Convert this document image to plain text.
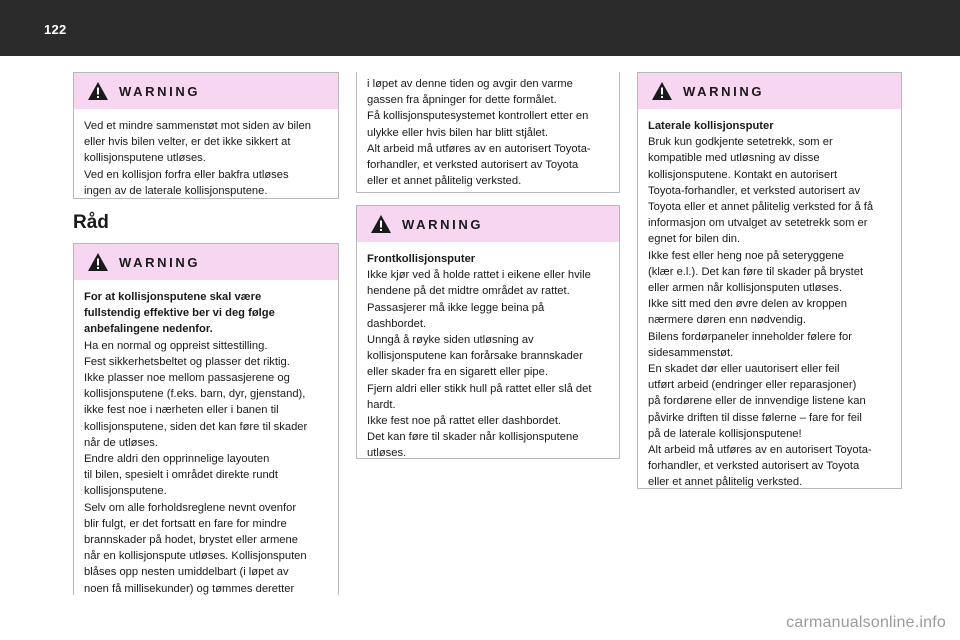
122
WARNING

Ved et mindre sammenstøt mot siden av bilen

eller hvis bilen velter, er det ikke sikkert at

kollisjonsputene utløses.

Ved en kollisjon forfra eller bakfra utløses

ingen av de laterale kollisjonsputene.

Råd
WARNING

For at kollisjonsputene skal være

fullstendig effektive ber vi deg følge

anbefalingene nedenfor.

Ha en normal og oppreist sittestilling.

Fest sikkerhetsbeltet og plasser det riktig.

Ikke plasser noe mellom passasjerene og

kollisjonsputene (f.eks. barn, dyr, gjenstand),

ikke fest noe i nærheten eller i banen til

kollisjonsputene, siden det kan føre til skader

når de utløses.

Endre aldri den opprinnelige layouten

til bilen, spesielt i området direkte rundt

kollisjonsputene.

Selv om alle forholdsreglene nevnt ovenfor

blir fulgt, er det fortsatt en fare for mindre

brannskader på hodet, brystet eller armene

når en kollisjonspute utløses. Kollisjonsputen

blåses opp nesten umiddelbart (i løpet av

noen få millisekunder) og tømmes deretter

i løpet av denne tiden og avgir den varme

gassen fra åpninger for dette formålet.

Få kollisjonsputesystemet kontrollert etter en

ulykke eller hvis bilen har blitt stjålet.

Alt arbeid må utføres av en autorisert Toyota-

forhandler, et verksted autorisert av Toyota

eller et annet pålitelig verksted.

WARNING

Frontkollisjonsputer

Ikke kjør ved å holde rattet i eikene eller hvile

hendene på det midtre området av rattet.

Passasjerer må ikke legge beina på

dashbordet.

Unngå å røyke siden utløsning av

kollisjonsputene kan forårsake brannskader

eller skader fra en sigarett eller pipe.

Fjern aldri eller stikk hull på rattet eller slå det

hardt.

Ikke fest noe på rattet eller dashbordet.

Det kan føre til skader når kollisjonsputene

utløses.

WARNING

Laterale kollisjonsputer

Bruk kun godkjente setetrekk, som er

kompatible med utløsning av disse

kollisjonsputene. Kontakt en autorisert

Toyota-forhandler, et verksted autorisert av

Toyota eller et annet pålitelig verksted for å få

informasjon om utvalget av setetrekk som er

egnet for bilen din.

Ikke fest eller heng noe på seteryggene

(klær e.l.). Det kan føre til skader på brystet

eller armen når kollisjonsputen utløses.

Ikke sitt med den øvre delen av kroppen

nærmere døren enn nødvendig.

Bilens fordørpaneler inneholder følere for

sidesammenstøt.

En skadet dør eller uautorisert eller feil

utført arbeid (endringer eller reparasjoner)

på fordørene eller de innvendige listene kan

påvirke driften til disse følerne – fare for feil

på de laterale kollisjonsputene!

Alt arbeid må utføres av en autorisert Toyota-

forhandler, et verksted autorisert av Toyota

eller et annet pålitelig verksted.

carmanualsonline.info
